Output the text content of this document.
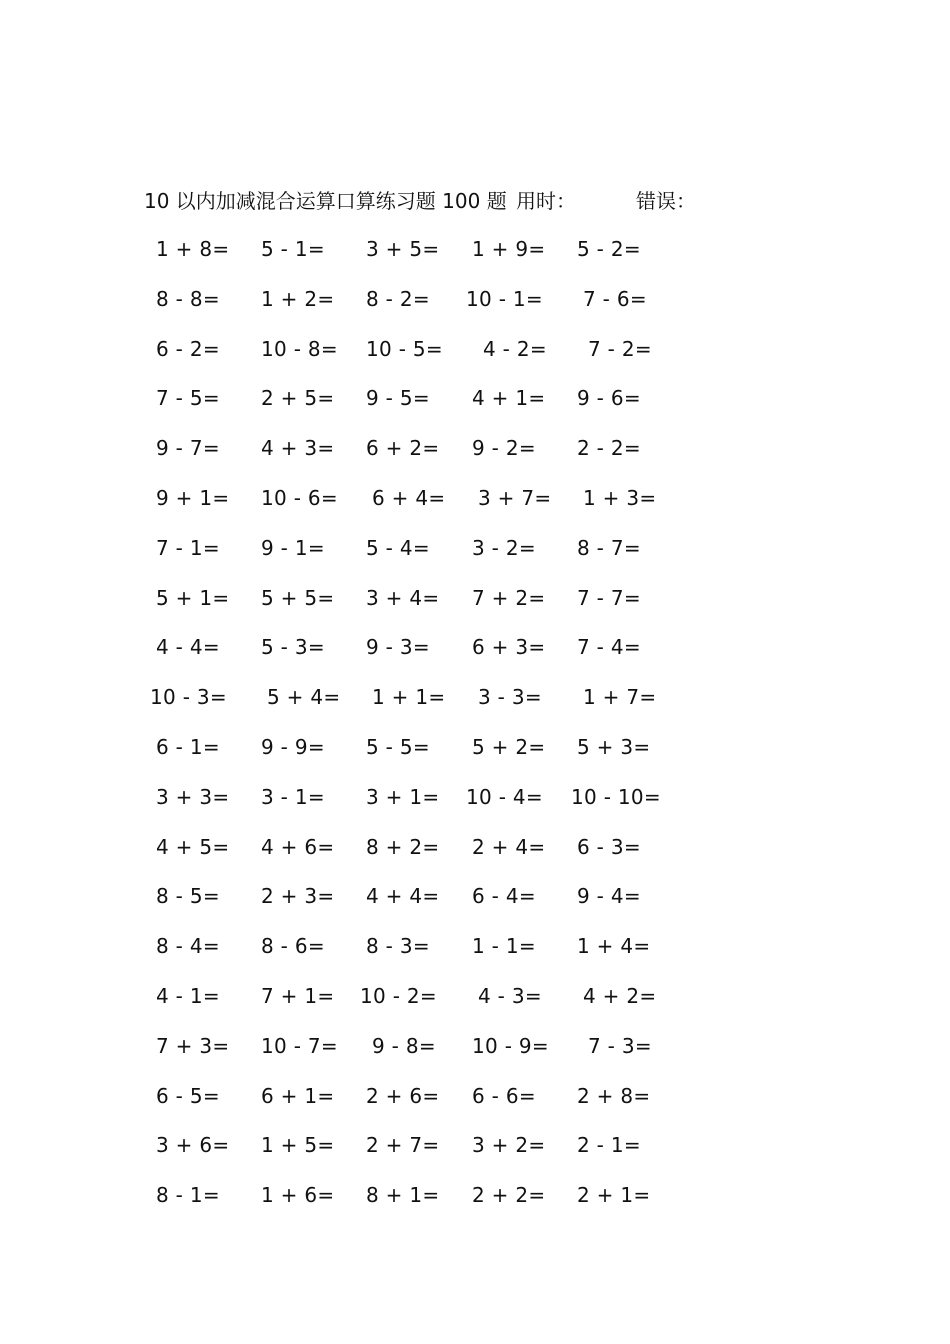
10 以内加减混合运算口算练习题 100 题 用时：	错误：
1 + 8= 5 - 1= 3 + 5= 1 + 9= 5 - 2=
8 - 8= 1 + 2= 8 - 2= 10 - 1= 7 - 6=
6 - 2= 10 - 8= 10 - 5= 4 - 2= 7 - 2=
7 - 5= 2 + 5= 9 - 5= 4 + 1= 9 - 6=
9 - 7= 4 + 3= 6 + 2= 9 - 2= 2 - 2=
9 + 1= 10 - 6= 6 + 4= 3 + 7= 1 + 3=
7 - 1= 9 - 1= 5 - 4= 3 - 2= 8 - 7=
5 + 1= 5 + 5= 3 + 4= 7 + 2= 7 - 7=
4 - 4= 5 - 3= 9 - 3= 6 + 3= 7 - 4=
10 - 3= 5 + 4= 1 + 1= 3 - 3= 1 + 7=
6 - 1= 9 - 9= 5 - 5= 5 + 2= 5 + 3=
3 + 3= 3 - 1= 3 + 1= 10 - 4= 10 - 10=
4 + 5= 4 + 6= 8 + 2= 2 + 4= 6 - 3=
8 - 5= 2 + 3= 4 + 4= 6 - 4= 9 - 4=
8 - 4= 8 - 6= 8 - 3= 1 - 1= 1 + 4=
4 - 1= 7 + 1= 10 - 2= 4 - 3= 4 + 2=
7 + 3= 10 - 7= 9 - 8= 10 - 9= 7 - 3=
6 - 5= 6 + 1= 2 + 6= 6 - 6= 2 + 8=
3 + 6= 1 + 5= 2 + 7= 3 + 2= 2 - 1=
8 - 1= 1 + 6= 8 + 1= 2 + 2= 2 + 1=
